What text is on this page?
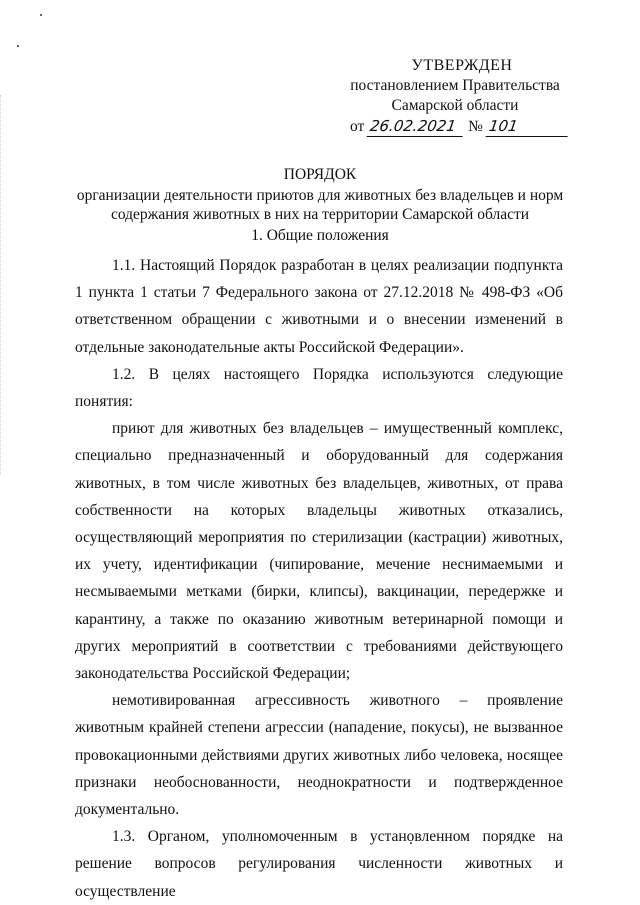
УТВЕРЖДЕН
постановлением Правительства
Самарской области
от 26.02.2021 № 101
ПОРЯДОК
организации деятельности приютов для животных без владельцев и норм содержания животных в них на территории Самарской области
1. Общие положения

1.1. Настоящий Порядок разработан в целях реализации подпункта 1 пункта 1 статьи 7 Федерального закона от 27.12.2018 № 498-ФЗ «Об ответственном обращении с животными и о внесении изменений в отдельные законодательные акты Российской Федерации».

1.2. В целях настоящего Порядка используются следующие понятия:

приют для животных без владельцев – имущественный комплекс, специально предназначенный и оборудованный для содержания животных, в том числе животных без владельцев, животных, от права собственности на которых владельцы животных отказались, осуществляющий мероприятия по стерилизации (кастрации) животных, их учету, идентификации (чипирование, мечение неснимаемыми и несмываемыми метками (бирки, клипсы), вакцинации, передержке и карантину, а также по оказанию животным ветеринарной помощи и других мероприятий в соответствии с требованиями действующего законодательства Российской Федерации;

немотивированная агрессивность животного – проявление животным крайней степени агрессии (нападение, покусы), не вызванное провокационными действиями других животных либо человека, носящее признаки необоснованности, неоднократности и подтвержденное документально.

1.3. Органом, уполномоченным в установленном порядке на решение вопросов регулирования численности животных и осуществление
